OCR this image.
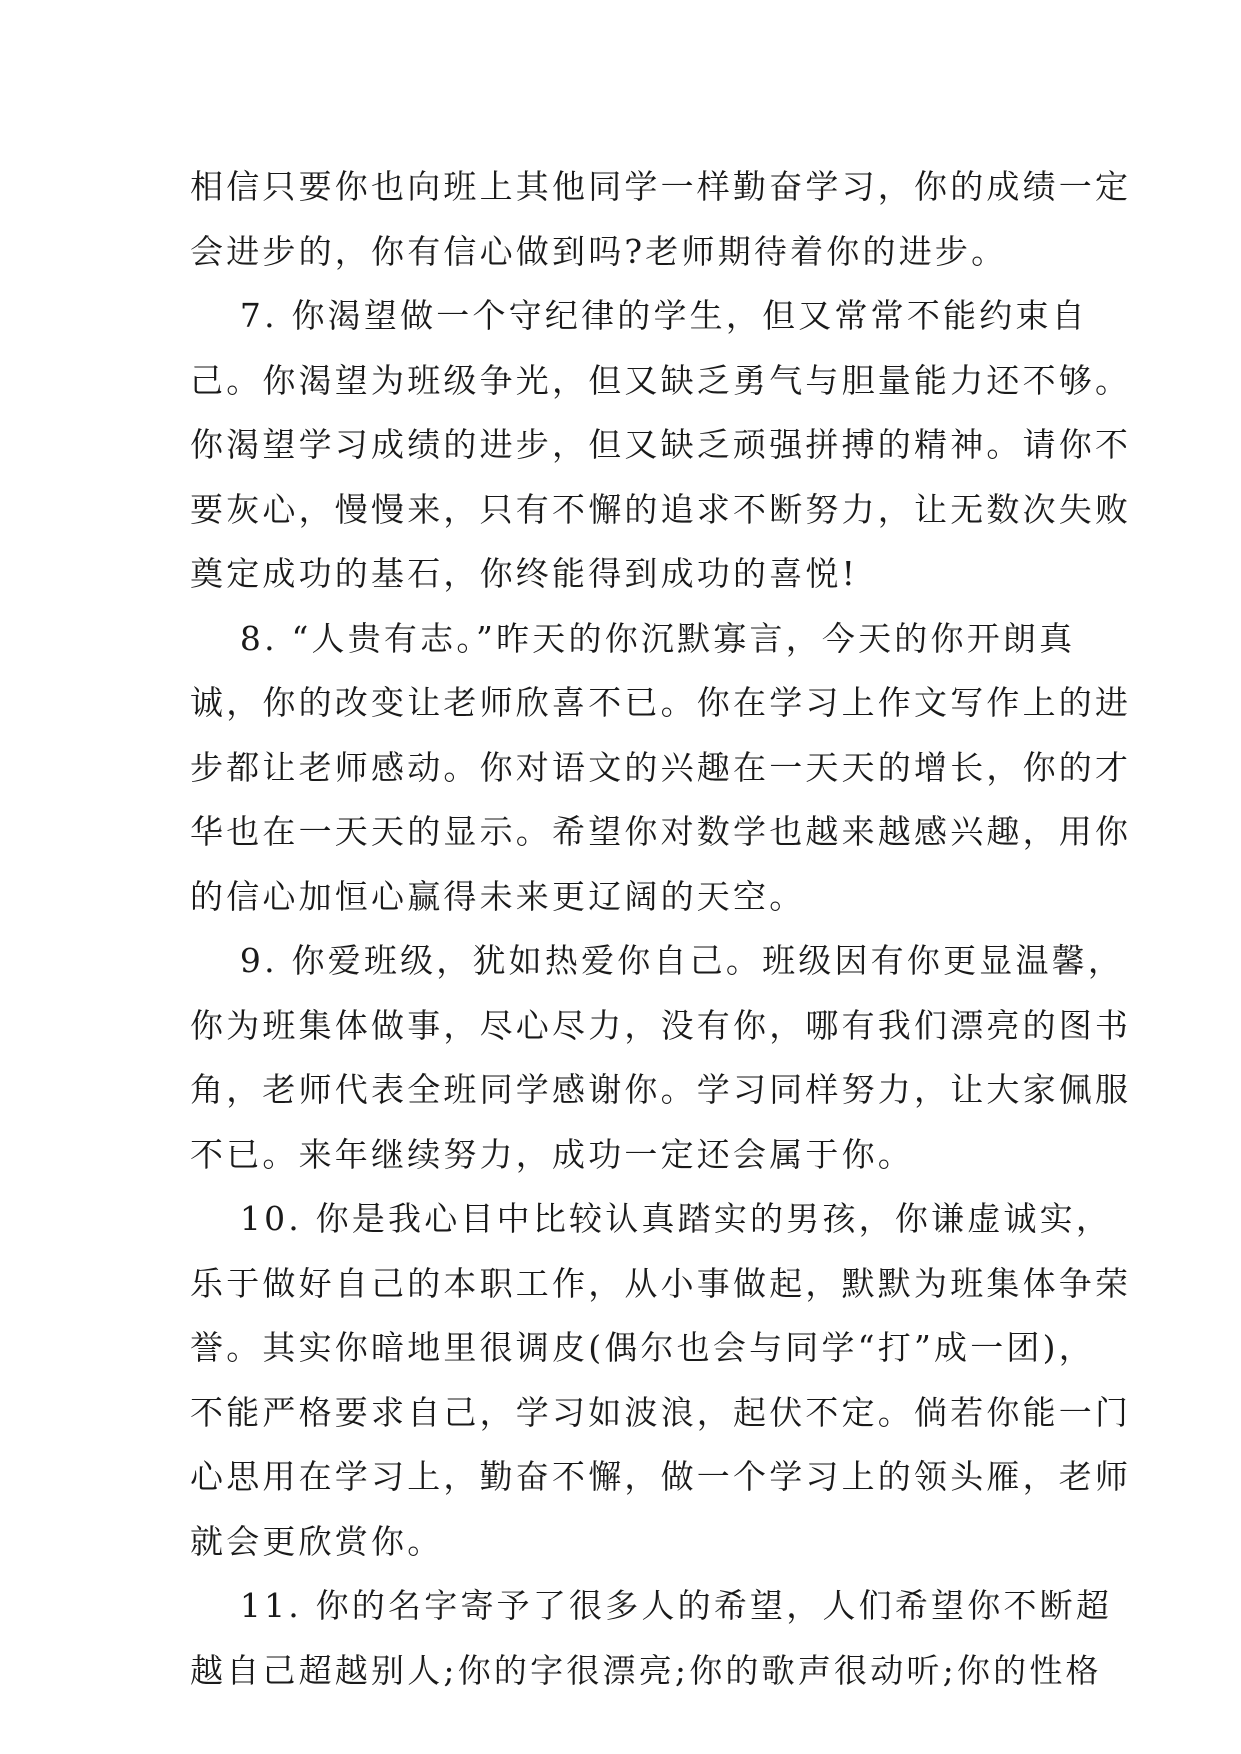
相信只要你也向班上其他同学一样勤奋学习，你的成绩一定
会进步的，你有信心做到吗?老师期待着你的进步。
　 7. 你渴望做一个守纪律的学生，但又常常不能约束自
己。你渴望为班级争光，但又缺乏勇气与胆量能力还不够。
你渴望学习成绩的进步，但又缺乏顽强拼搏的精神。请你不
要灰心，慢慢来，只有不懈的追求不断努力，让无数次失败
奠定成功的基石，你终能得到成功的喜悦!
　 8. “人贵有志。”昨天的你沉默寡言，今天的你开朗真
诚，你的改变让老师欣喜不已。你在学习上作文写作上的进
步都让老师感动。你对语文的兴趣在一天天的增长，你的才
华也在一天天的显示。希望你对数学也越来越感兴趣，用你
的信心加恒心赢得未来更辽阔的天空。
　 9. 你爱班级，犹如热爱你自己。班级因有你更显温馨，
你为班集体做事，尽心尽力，没有你，哪有我们漂亮的图书
角，老师代表全班同学感谢你。学习同样努力，让大家佩服
不已。来年继续努力，成功一定还会属于你。
　 10. 你是我心目中比较认真踏实的男孩，你谦虚诚实，
乐于做好自己的本职工作，从小事做起，默默为班集体争荣
誉。其实你暗地里很调皮(偶尔也会与同学“打”成一团)，
不能严格要求自己，学习如波浪，起伏不定。倘若你能一门
心思用在学习上，勤奋不懈，做一个学习上的领头雁，老师
就会更欣赏你。
　 11. 你的名字寄予了很多人的希望，人们希望你不断超
越自己超越别人;你的字很漂亮;你的歌声很动听;你的性格
